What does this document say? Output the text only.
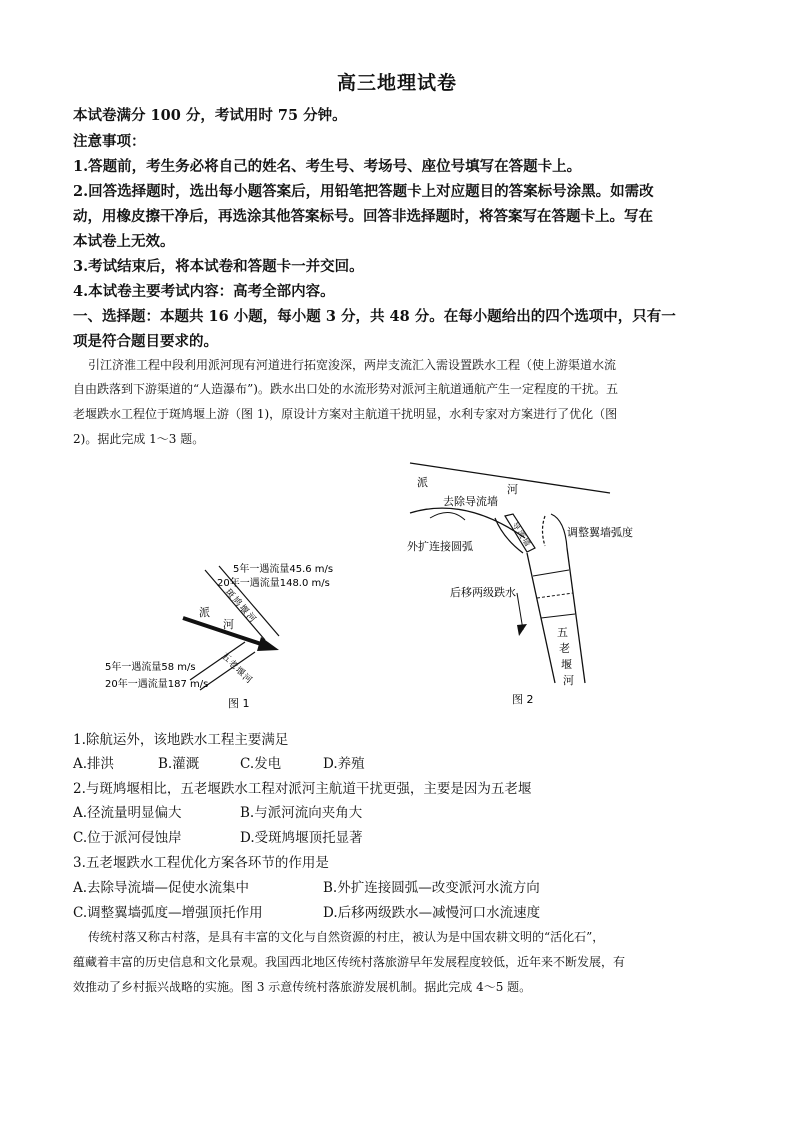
高三地理试卷
本试卷满分 100 分，考试用时 75 分钟。
注意事项：
1.答题前，考生务必将自己的姓名、考生号、考场号、座位号填写在答题卡上。
2.回答选择题时，选出每小题答案后，用铅笔把答题卡上对应题目的答案标号涂黑。如需改
动，用橡皮擦干净后，再选涂其他答案标号。回答非选择题时，将答案写在答题卡上。写在
本试卷上无效。
3.考试结束后，将本试卷和答题卡一并交回。
4.本试卷主要考试内容：高考全部内容。
一、选择题：本题共 16 小题，每小题 3 分，共 48 分。在每小题给出的四个选项中，只有一
项是符合题目要求的。
引江济淮工程中段利用派河现有河道进行拓宽浚深，两岸支流汇入需设置跌水工程（使上游渠道水流
自由跌落到下游渠道的“人造瀑布”)。跌水出口处的水流形势对派河主航道通航产生一定程度的干扰。五
老堰跌水工程位于斑鸠堰上游（图 1)，原设计方案对主航道干扰明显，水利专家对方案进行了优化（图
2)。据此完成 1～3 题。
5年一遇流量45.6 m/s
20年一遇流量148.0 m/s
斑
鸠
堰
河
派
河
五
老
堰
河
5年一遇流量58 m/s
20年一遇流量187 m/s
图 1
派
河
去除导流墙
外扩连接圆弧
调整翼墙弧度
后移两级跌水
导
流
墙
五
老
堰
河
图 2
1.除航运外，该地跌水工程主要满足
A.排洪	B.灌溉	C.发电	D.养殖
2.与斑鸠堰相比，五老堰跌水工程对派河主航道干扰更强，主要是因为五老堰
A.径流量明显偏大	B.与派河流向夹角大
C.位于派河侵蚀岸	D.受斑鸠堰顶托显著
3.五老堰跌水工程优化方案各环节的作用是
A.去除导流墙—促使水流集中	B.外扩连接圆弧—改变派河水流方向
C.调整翼墙弧度—增强顶托作用	D.后移两级跌水—减慢河口水流速度
传统村落又称古村落，是具有丰富的文化与自然资源的村庄，被认为是中国农耕文明的“活化石”，
蕴藏着丰富的历史信息和文化景观。我国西北地区传统村落旅游早年发展程度较低，近年来不断发展，有
效推动了乡村振兴战略的实施。图 3 示意传统村落旅游发展机制。据此完成 4～5 题。
